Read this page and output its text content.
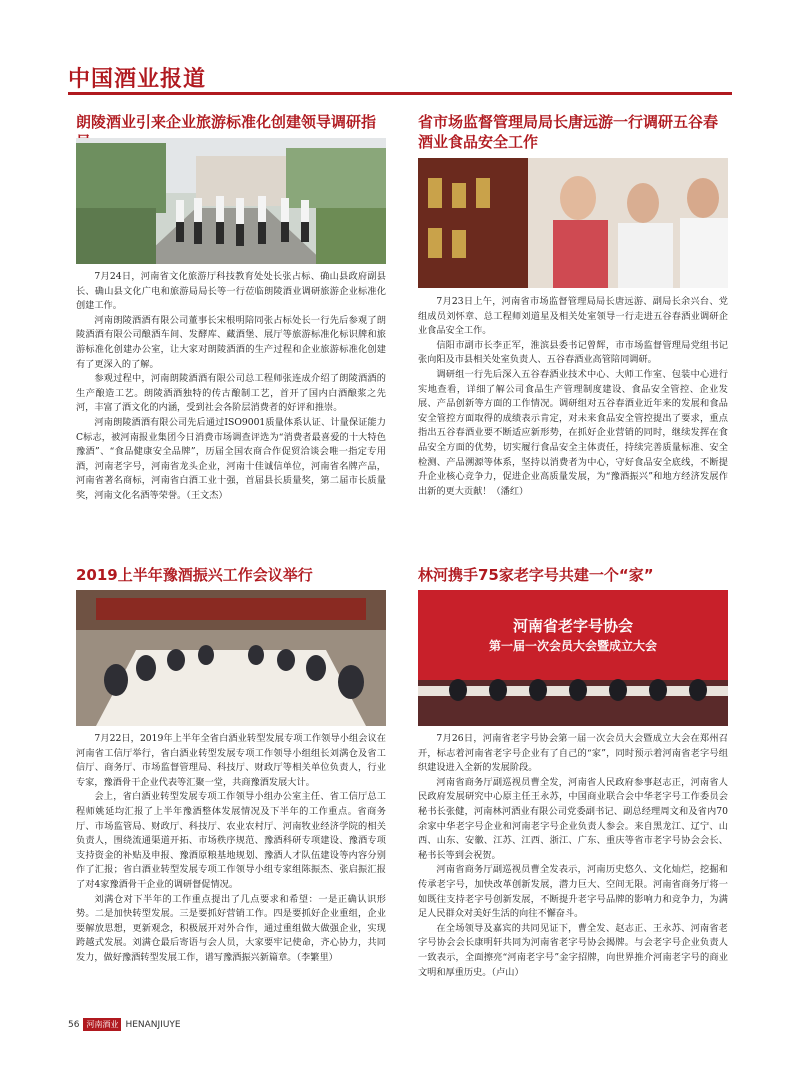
中国酒业报道
朗陵酒业引来企业旅游标准化创建领导调研指

7月24日，河南省文化旅游厅科技教育处处长张占标、确山县政府副县长、确山县文化广电和旅游局局长等一行莅临朗陵酒业调研旅游企业标准化创建工作。

河南朗陵酒酒有限公司董事长宋根明陪同张占标处长一行先后参观了朗陵酒酒有限公司酿酒车间、发酵库、藏酒堡、展厅等旅游标准化标识牌和旅游标准化创建办公室，让大家对朗陵酒酒的生产过程和企业旅游标准化创建有了更深入的了解。

参观过程中，河南朗陵酒酒有限公司总工程师张连成介绍了朗陵酒酒的生产酿造工艺。朗陵酒酒独特的传古酿制工艺，首开了国内白酒酿浆之先河，丰富了酒文化的内涵，受到社会各阶层消费者的好评和推崇。

河南朗陵酒酒有限公司先后通过ISO9001质量体系认证、计量保证能力C标志，被河南报业集团今日消费市场调查评选为“消费者最喜爱的十大特色豫酒”、“食品健康安全品牌”，历届全国农商合作促贸洽谈会唯一指定专用酒，河南老字号，河南省龙头企业，河南十佳诚信单位，河南省名牌产品，河南省著名商标，河南省白酒工业十强，首届县长质量奖，第二届市长质量奖，河南文化名酒等荣誉。（王文杰）

省市场监督管理局局长唐远游一行调研五谷春酒业食品安全工作

7月23日上午，河南省市场监督管理局局长唐远游、副局长余兴台、党组成员刘怀章、总工程师刘道星及相关处室领导一行走进五谷春酒业调研企业食品安全工作。

信阳市副市长李正军，淮滨县委书记曾辉，市市场监督管理局党组书记张向阳及市县相关处室负责人、五谷春酒业高管陪同调研。

调研组一行先后深入五谷春酒业技术中心、大师工作室、包装中心进行实地查看，详细了解公司食品生产管理制度建设、食品安全管控、企业发展、产品创新等方面的工作情况。调研组对五谷春酒业近年来的发展和食品安全管控方面取得的成绩表示肯定，对未来食品安全管控提出了要求，重点指出五谷春酒业要不断适应新形势，在抓好企业营销的同时，继续发挥在食品安全方面的优势，切实履行食品安全主体责任，持续完善质量标准、安全检测、产品溯源等体系，坚持以消费者为中心，守好食品安全底线，不断提升企业核心竞争力，促进企业高质量发展，为“豫酒振兴”和地方经济发展作出新的更大贡献！（潘红）

2019上半年豫酒振兴工作会议举行

7月22日，2019年上半年全省白酒业转型发展专项工作领导小组会议在河南省工信厅举行，省白酒业转型发展专项工作领导小组组长刘满仓及省工信厅、商务厅、市场监督管理局、科技厅、财政厅等相关单位负责人，行业专家，豫酒骨干企业代表等汇聚一堂，共商豫酒发展大计。

会上，省白酒业转型发展专项工作领导小组办公室主任、省工信厅总工程师姚延均汇报了上半年豫酒整体发展情况及下半年的工作重点。省商务厅、市场监管局、财政厅、科技厅、农业农村厅、河南牧业经济学院的相关负责人，围绕流通渠道开拓、市场秩序规范、豫酒科研专项建设、豫酒专项支持资金的补贴及申报、豫酒原粮基地规划、豫酒人才队伍建设等内容分别作了汇报；省白酒业转型发展专项工作领导小组专家组陈振杰、张启振汇报了对4家豫酒骨干企业的调研督促情况。

刘满仓对下半年的工作重点提出了几点要求和希望：一是正确认识形势。二是加快转型发展。三是要抓好营销工作。四是要抓好企业重组，企业要解放思想，更新观念，积极展开对外合作，通过重组做大做强企业，实现跨越式发展。刘满仓最后寄语与会人员，大家要牢记使命，齐心协力，共同发力，做好豫酒转型发展工作，谱写豫酒振兴新篇章。（李繁里）

林河携手75家老字号共建一个“家”
河南省老字号协会
第一届一次会员大会暨成立大会

7月26日，河南省老字号协会第一届一次会员大会暨成立大会在郑州召开，标志着河南省老字号企业有了自己的“家”，同时预示着河南省老字号组织建设进入全新的发展阶段。

河南省商务厅副巡视员曹全发，河南省人民政府参事赵志正，河南省人民政府发展研究中心原主任王永苏，中国商业联合会中华老字号工作委员会秘书长张健，河南林河酒业有限公司党委副书记、副总经理周文和及省内70余家中华老字号企业和河南老字号企业负责人参会。来自黑龙江、辽宁、山西、山东、安徽、江苏、江西、浙江、广东、重庆等省市老字号协会会长、秘书长等到会祝贺。

河南省商务厅副巡视员曹全发表示，河南历史悠久、文化灿烂，挖掘和传承老字号，加快改革创新发展，潜力巨大、空间无限。河南省商务厅将一如既往支持老字号创新发展，不断提升老字号品牌的影响力和竞争力，为满足人民群众对美好生活的向往不懈奋斗。

在全场领导及嘉宾的共同见证下，曹全发、赵志正、王永苏、河南省老字号协会会长康明轩共同为河南省老字号协会揭牌。与会老字号企业负责人一致表示，全面擦亮“河南老字号”金字招牌，向世界推介河南老字号的商业文明和厚重历史。（卢山）

56 河南酒业 HENANJIUYE
